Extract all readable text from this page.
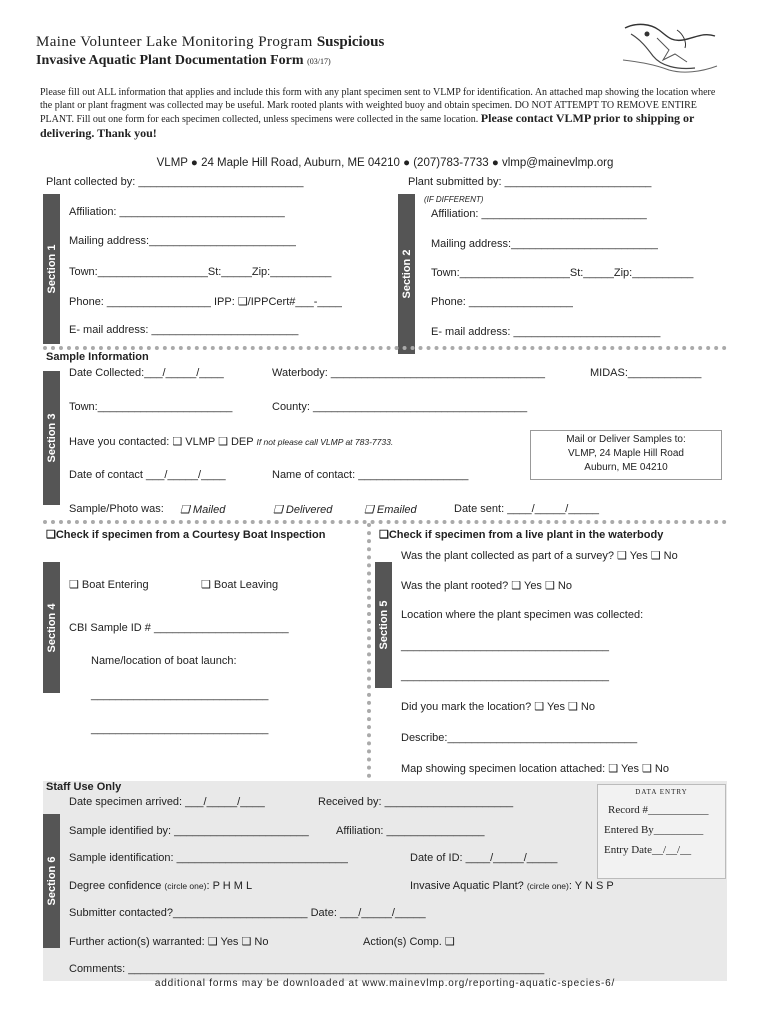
Maine Volunteer Lake Monitoring Program Suspicious
Invasive Aquatic Plant Documentation Form (03/17)
Please fill out ALL information that applies and include this form with any plant specimen sent to VLMP for identification. An attached map showing the location where the plant or plant fragment was collected may be useful. Mark rooted plants with weighted buoy and obtain specimen. DO NOT ATTEMPT TO REMOVE ENTIRE PLANT. Fill out one form for each specimen collected, unless specimens were collected in the same location. Please contact VLMP prior to shipping or delivering. Thank you!
VLMP ● 24 Maple Hill Road, Auburn, ME 04210 ● (207)783-7733 ● vlmp@mainevlmp.org
Plant collected by: ___________________________
Section 1
Affiliation: ___________________________
Mailing address:________________________
Town:__________________St:_____Zip:__________
Phone: _________________ IPP: ❑/IPPCert#___-____
E- mail address: ________________________
Plant submitted by: ________________________
Section 2
(IF DIFFERENT)
Affiliation: ___________________________
Mailing address:________________________
Town:__________________St:_____Zip:__________
Phone: _________________
E- mail address: ________________________
Sample Information
Section 3
Date Collected:___/_____/____	Waterbody: ___________________________________	MIDAS:____________
Town:______________________	County: ___________________________________
Have you contacted: ❑ VLMP ❑ DEP If not please call VLMP at 783-7733.
Date of contact ___/_____/____	Name of contact: __________________
Mail or Deliver Samples to:
VLMP, 24 Maple Hill Road
Auburn, ME 04210
Sample/Photo was: ❑ Mailed	❑ Delivered	❑ Emailed	Date sent: ____/_____/_____
❑Check if specimen from a Courtesy Boat Inspection
Section 4
❑ Boat Entering	❑ Boat Leaving
CBI Sample ID # ______________________
Name/location of boat launch:
_____________________________
_____________________________
❑Check if specimen from a live plant in the waterbody
Section 5
Was the plant collected as part of a survey? ❑ Yes ❑ No
Was the plant rooted? ❑ Yes ❑ No
Location where the plant specimen was collected:
__________________________________
__________________________________
Did you mark the location? ❑ Yes ❑ No
Describe:_______________________________
Map showing specimen location attached: ❑ Yes ❑ No
Staff Use Only
Section 6
Date specimen arrived: ___/_____/____	Received by: _____________________
Sample identified by: ______________________ Affiliation: ________________
Sample identification: ____________________________	Date of ID: ____/_____/_____
Degree confidence (circle one): P H M L	Invasive Aquatic Plant? (circle one): Y N S P
Submitter contacted?______________________ Date: ___/_____/_____
Further action(s) warranted: ❑ Yes ❑ No	Action(s) Comp. ❑
Comments: ____________________________________________________________________
DATA ENTRY
Record #___________
Entered By_________
Entry Date__/__/__
additional forms may be downloaded at www.mainevlmp.org/reporting-aquatic-species-6/
